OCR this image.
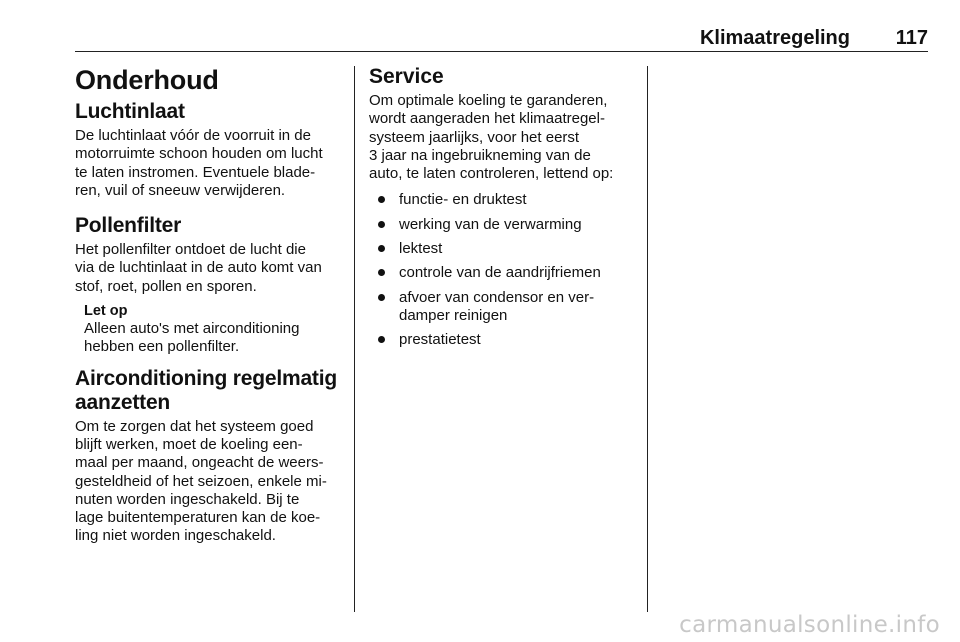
Klimaatregeling 117
Onderhoud
Luchtinlaat

De luchtinlaat vóór de voorruit in de
motorruimte schoon houden om lucht
te laten instromen. Eventuele blade‐
ren, vuil of sneeuw verwijderen.

Pollenfilter

Het pollenfilter ontdoet de lucht die
via de luchtinlaat in de auto komt van
stof, roet, pollen en sporen.

Let op

Alleen auto's met airconditioning
hebben een pollenfilter.

Airconditioning regelmatig
aanzetten

Om te zorgen dat het systeem goed
blijft werken, moet de koeling een‐
maal per maand, ongeacht de weers‐
gesteldheid of het seizoen, enkele mi‐
nuten worden ingeschakeld. Bij te
lage buitentemperaturen kan de koe‐
ling niet worden ingeschakeld.

Service

Om optimale koeling te garanderen,
wordt aangeraden het klimaatregel‐
systeem jaarlijks, voor het eerst
3 jaar na ingebruikneming van de
auto, te laten controleren, lettend op:

functie- en druktest
werking van de verwarming
lektest
controle van de aandrijfriemen
afvoer van condensor en ver‐
damper reinigen
prestatietest
carmanualsonline.info
